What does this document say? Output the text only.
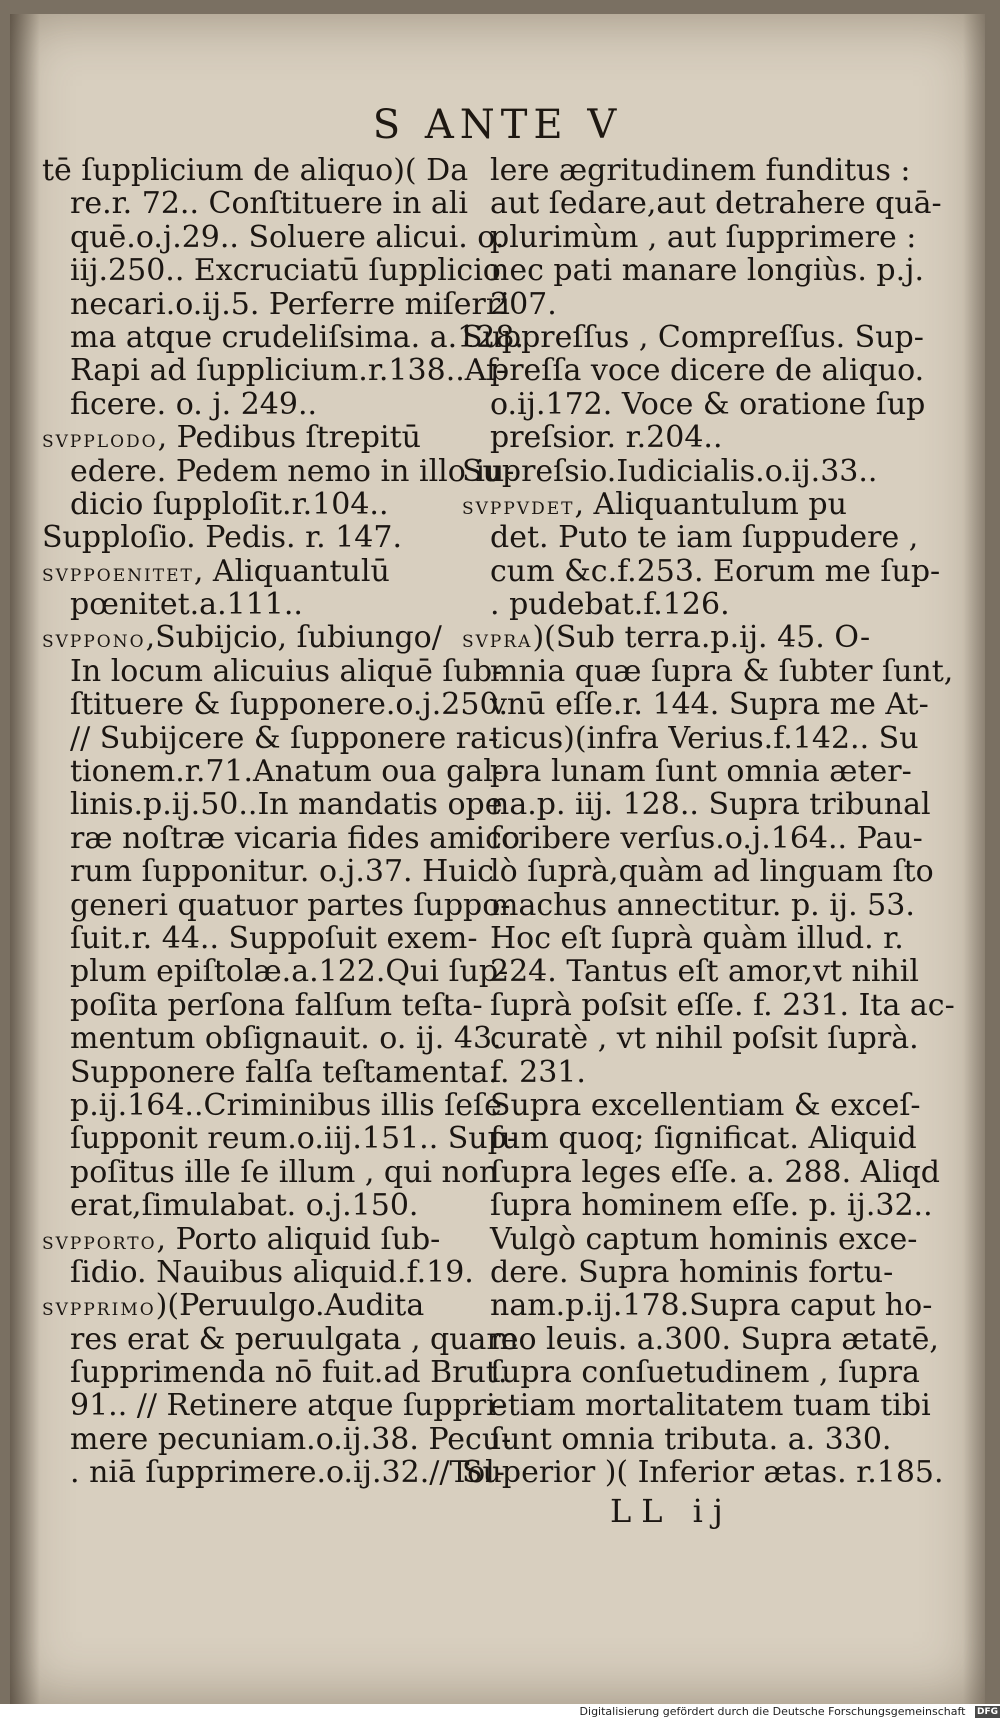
S ANTE V
tē ſupplicium de aliquo)( Da
re.r. 72.. Conſtituere in ali
quē.o.j.29.. Soluere alicui. o.
iij.250.. Excruciatū ſupplicio
necari.o.ij.5. Perferre miſerri
ma atque crudeliſsima. a.128.
Rapi ad ſupplicium.r.138..Af-
ficere. o. j. 249..
svpplodo, Pedibus ſtrepitū
edere. Pedem nemo in illo iu-
dicio ſupploſit.r.104..
Supploſio. Pedis. r. 147.
svppoenitet, Aliquantulū
pœnitet.a.111..
svppono,Subijcio, ſubiungo/
In locum alicuius aliquē ſub-
ſtituere & ſupponere.o.j.250.
// Subijcere & ſupponere ra-
tionem.r.71.Anatum oua gal-
linis.p.ij.50..In mandatis ope
ræ noſtræ vicaria fides amico
rum ſupponitur. o.j.37. Huic
generi quatuor partes ſuppo-
ſuit.r. 44.. Suppoſuit exem-
plum epiſtolæ.a.122.Qui ſup-
poſita perſona falſum teſta-
mentum obſignauit. o. ij. 43.
Supponere falſa teſtamenta.
p.ij.164..Criminibus illis ſeſe
ſupponit reum.o.iij.151.. Sup-
poſitus ille ſe illum , qui non
erat,ſimulabat. o.j.150.
svpporto, Porto aliquid ſub-
ſidio. Nauibus aliquid.f.19.
svpprimo)(Peruulgo.Audita
res erat & peruulgata , quare
ſupprimenda nō fuit.ad Brut.
91.. // Retinere atque ſuppri-
mere pecuniam.o.ij.38. Pecu-
. niā ſupprimere.o.ij.32.//Tol-
lere ægritudinem funditus :
aut ſedare,aut detrahere quā-
plurimùm , aut ſupprimere :
nec pati manare longiùs. p.j.
207.
Suppreſſus , Compreſſus. Sup-
preſſa voce dicere de aliquo.
o.ij.172. Voce & oratione ſup
preſsior. r.204..
Supreſsio.Iudicialis.o.ij.33..
svppvdet, Aliquantulum pu
det. Puto te iam ſuppudere ,
cum &c.f.253. Eorum me ſup-
. pudebat.f.126.
svpra)(Sub terra.p.ij. 45. O-
mnia quæ ſupra & ſubter ſunt,
vnū eſſe.r. 144. Supra me At-
ticus)(infra Verius.f.142.. Su
pra lunam ſunt omnia æter-
na.p. iij. 128.. Supra tribunal
ſcribere verſus.o.j.164.. Pau-
lò ſuprà,quàm ad linguam ſto
machus annectitur. p. ij. 53.
Hoc eſt ſuprà quàm illud. r.
224. Tantus eſt amor,vt nihil
ſuprà poſsit eſſe. f. 231. Ita ac-
curatè , vt nihil poſsit ſuprà.
f. 231.
Supra excellentiam & exceſ-
ſum quoq; ſignificat. Aliquid
ſupra leges eſſe. a. 288. Aliqd
ſupra hominem eſſe. p. ij.32..
Vulgò captum hominis exce-
dere. Supra hominis fortu-
nam.p.ij.178.Supra caput ho-
mo leuis. a.300. Supra ætatē,
ſupra conſuetudinem , ſupra
etiam mortalitatem tuam tibi
ſunt omnia tributa. a. 330.
Superior )( Inferior ætas. r.185.
LL ij
Digitalisierung gefördert durch die Deutsche Forschungsgemeinschaft DFG
